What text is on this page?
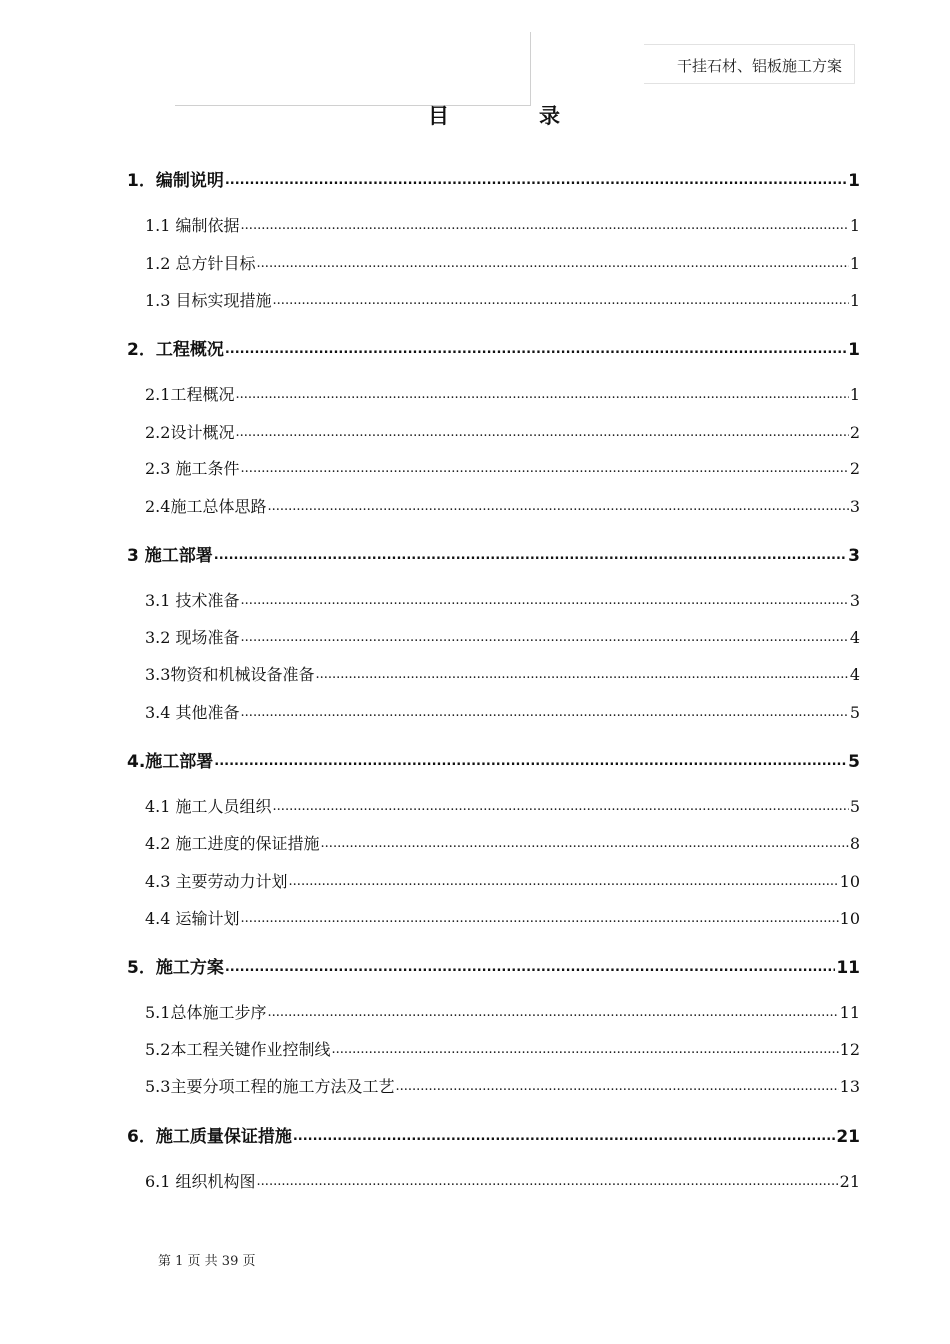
干挂石材、铝板施工方案
目	录
1．编制说明 .....	1
1.1 编制依据 .....	1
1.2 总方针目标 .....	1
1.3 目标实现措施 .....	1
2．工程概况 .....	1
2.1工程概况 .....	1
2.2设计概况 .....	2
2.3 施工条件 .....	2
2.4施工总体思路 .....	3
3 施工部署 .....	3
3.1 技术准备 .....	3
3.2 现场准备 .....	4
3.3物资和机械设备准备 .....	4
3.4 其他准备 .....	5
4.施工部署 .....	5
4.1 施工人员组织 .....	5
4.2 施工进度的保证措施 .....	8
4.3 主要劳动力计划 .....	10
4.4 运输计划 .....	10
5．施工方案 .....	11
5.1总体施工步序 .....	11
5.2本工程关键作业控制线 .....	12
5.3主要分项工程的施工方法及工艺 .....	13
6．施工质量保证措施 .....	21
6.1 组织机构图 .....	21
第 1 页 共 39 页
